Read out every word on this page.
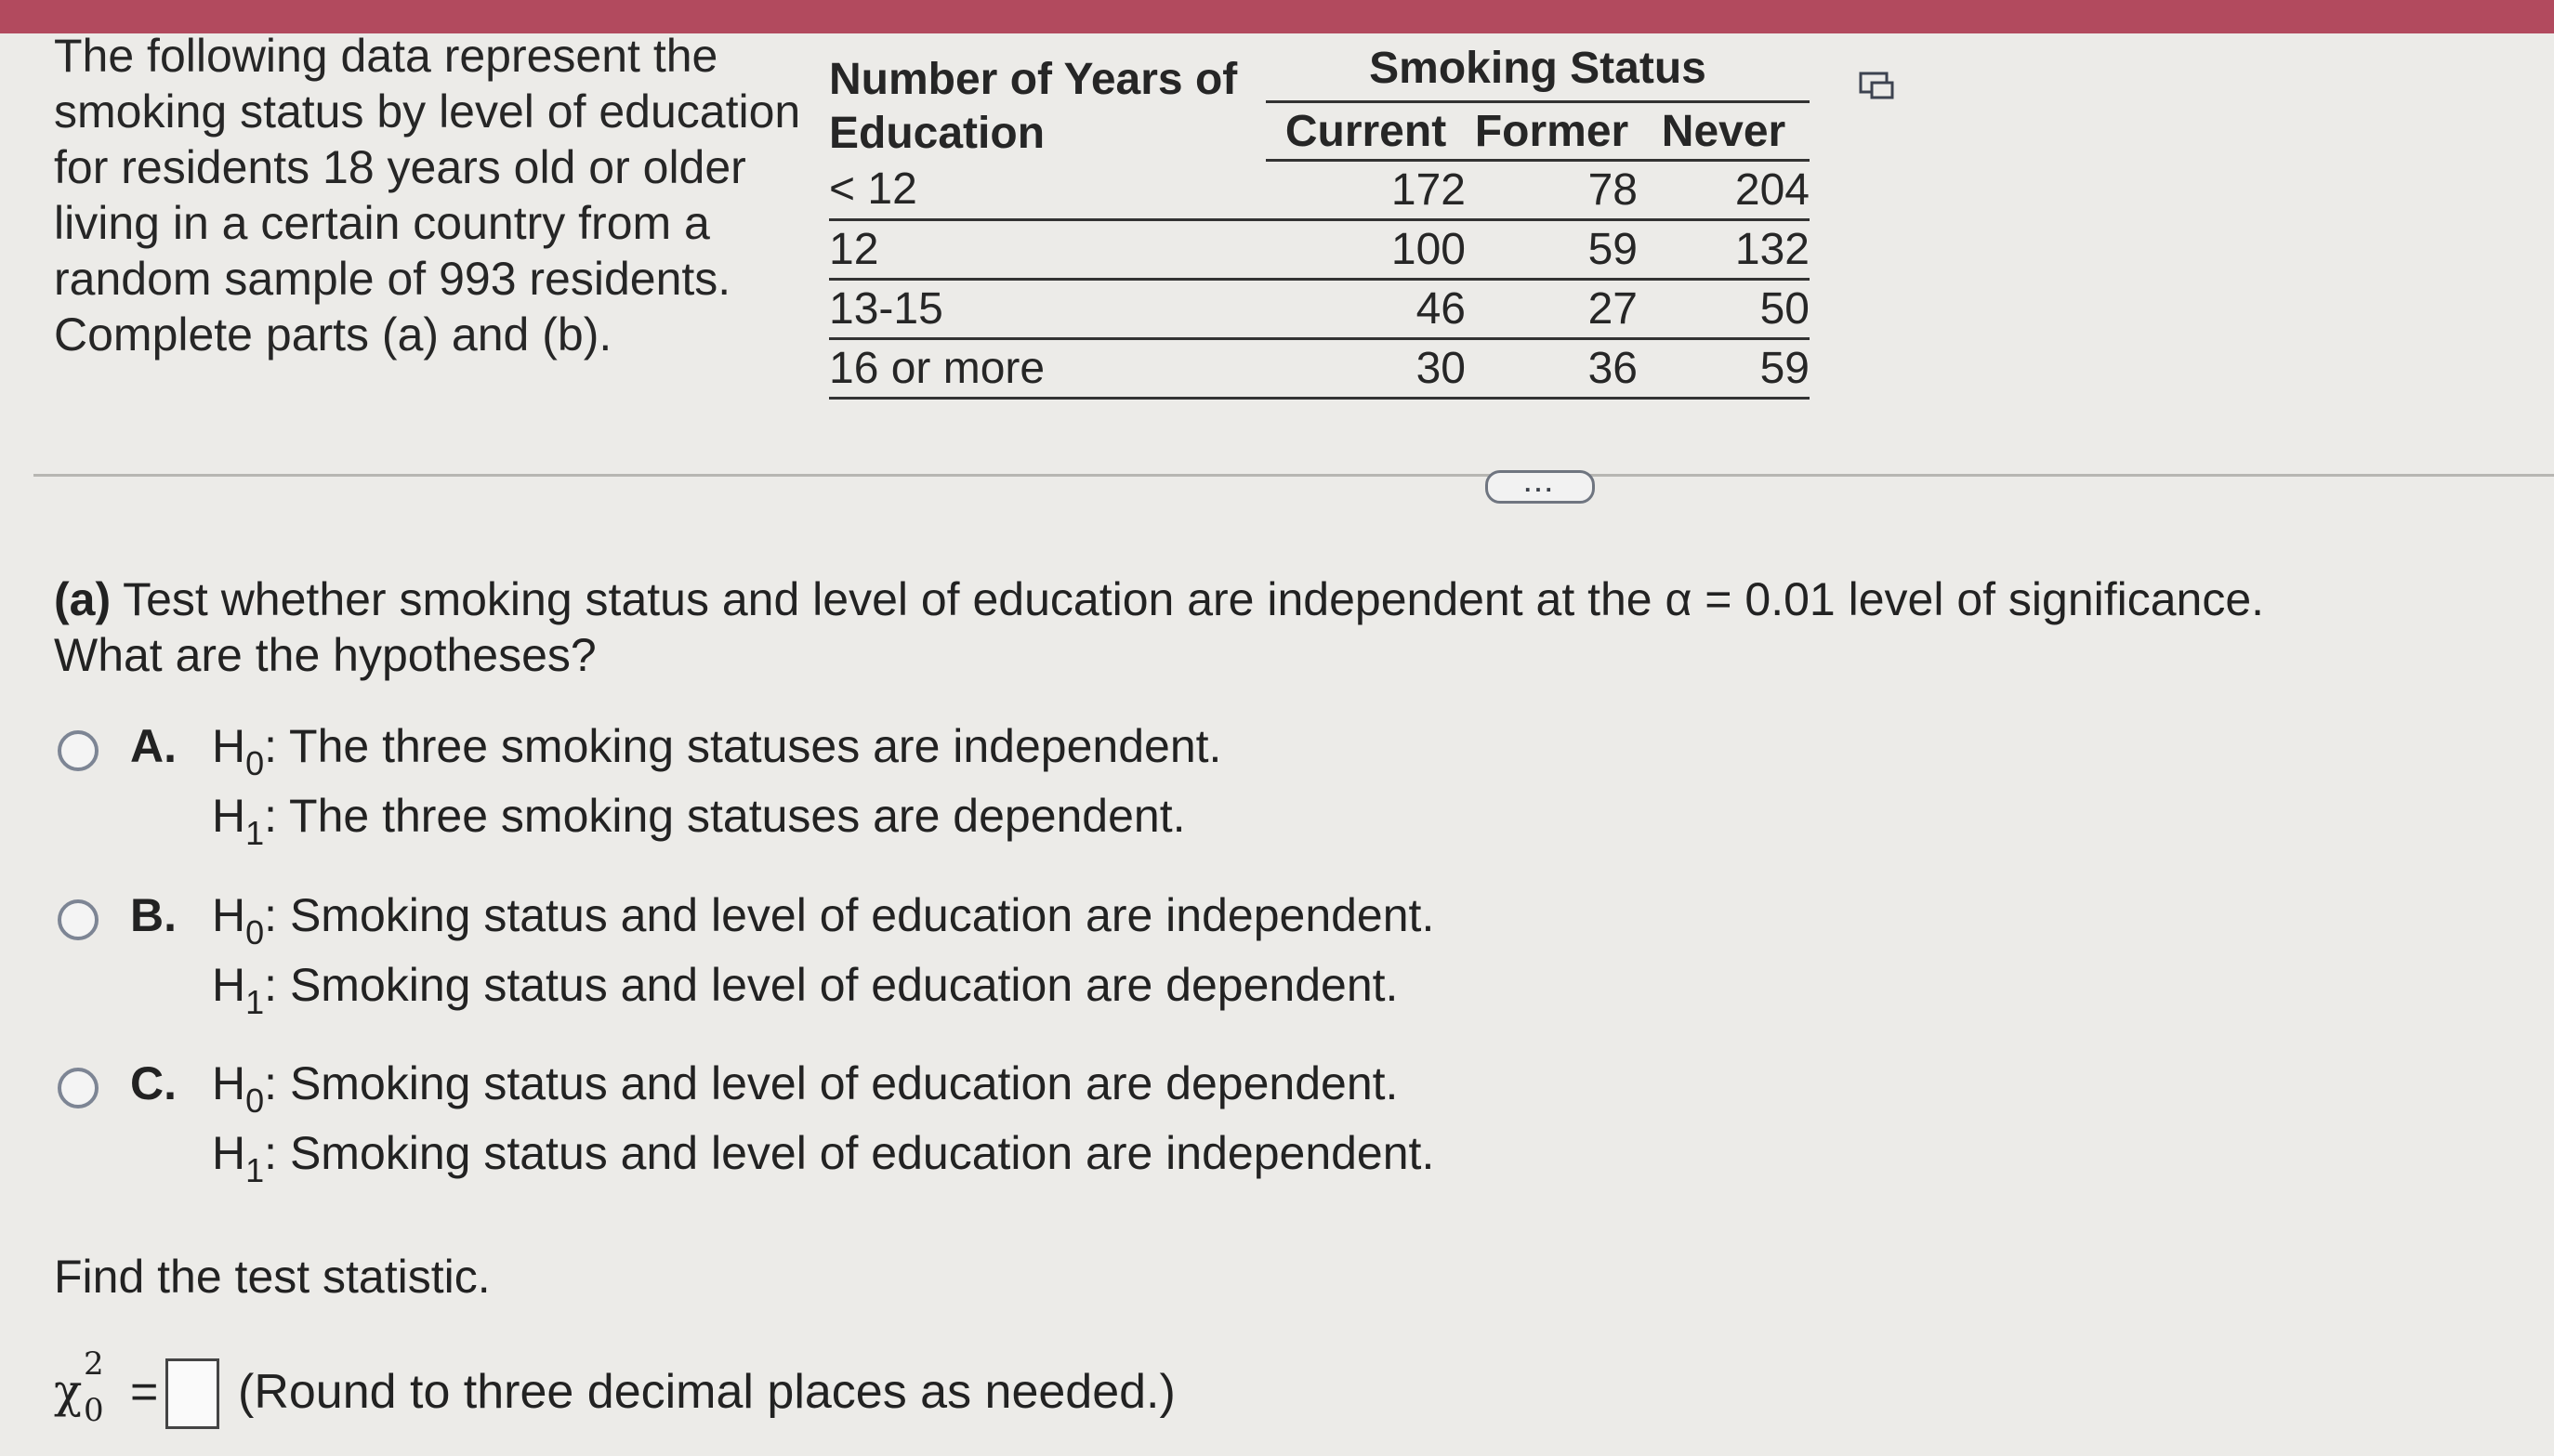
The following data represent the smoking status by level of education for residents 18 years old or older living in a certain country from a random sample of 993 residents. Complete parts (a) and (b).
Number of Years of Education	Smoking Status		
	Current	Former	Never
< 12	172	78	204
12	100	59	132
13-15	46	27	50
16 or more	30	36	59
...
(a) Test whether smoking status and level of education are independent at the α = 0.01 level of significance.
What are the hypotheses?
A. $H_0$: The three smoking statuses are independent.
$H_1$: The three smoking statuses are dependent.
B. $H_0$: Smoking status and level of education are independent.
$H_1$: Smoking status and level of education are dependent.
C. $H_0$: Smoking status and level of education are dependent.
$H_1$: Smoking status and level of education are independent.
Find the test statistic.
χ 2
0 = (Round to three decimal places as needed.)
